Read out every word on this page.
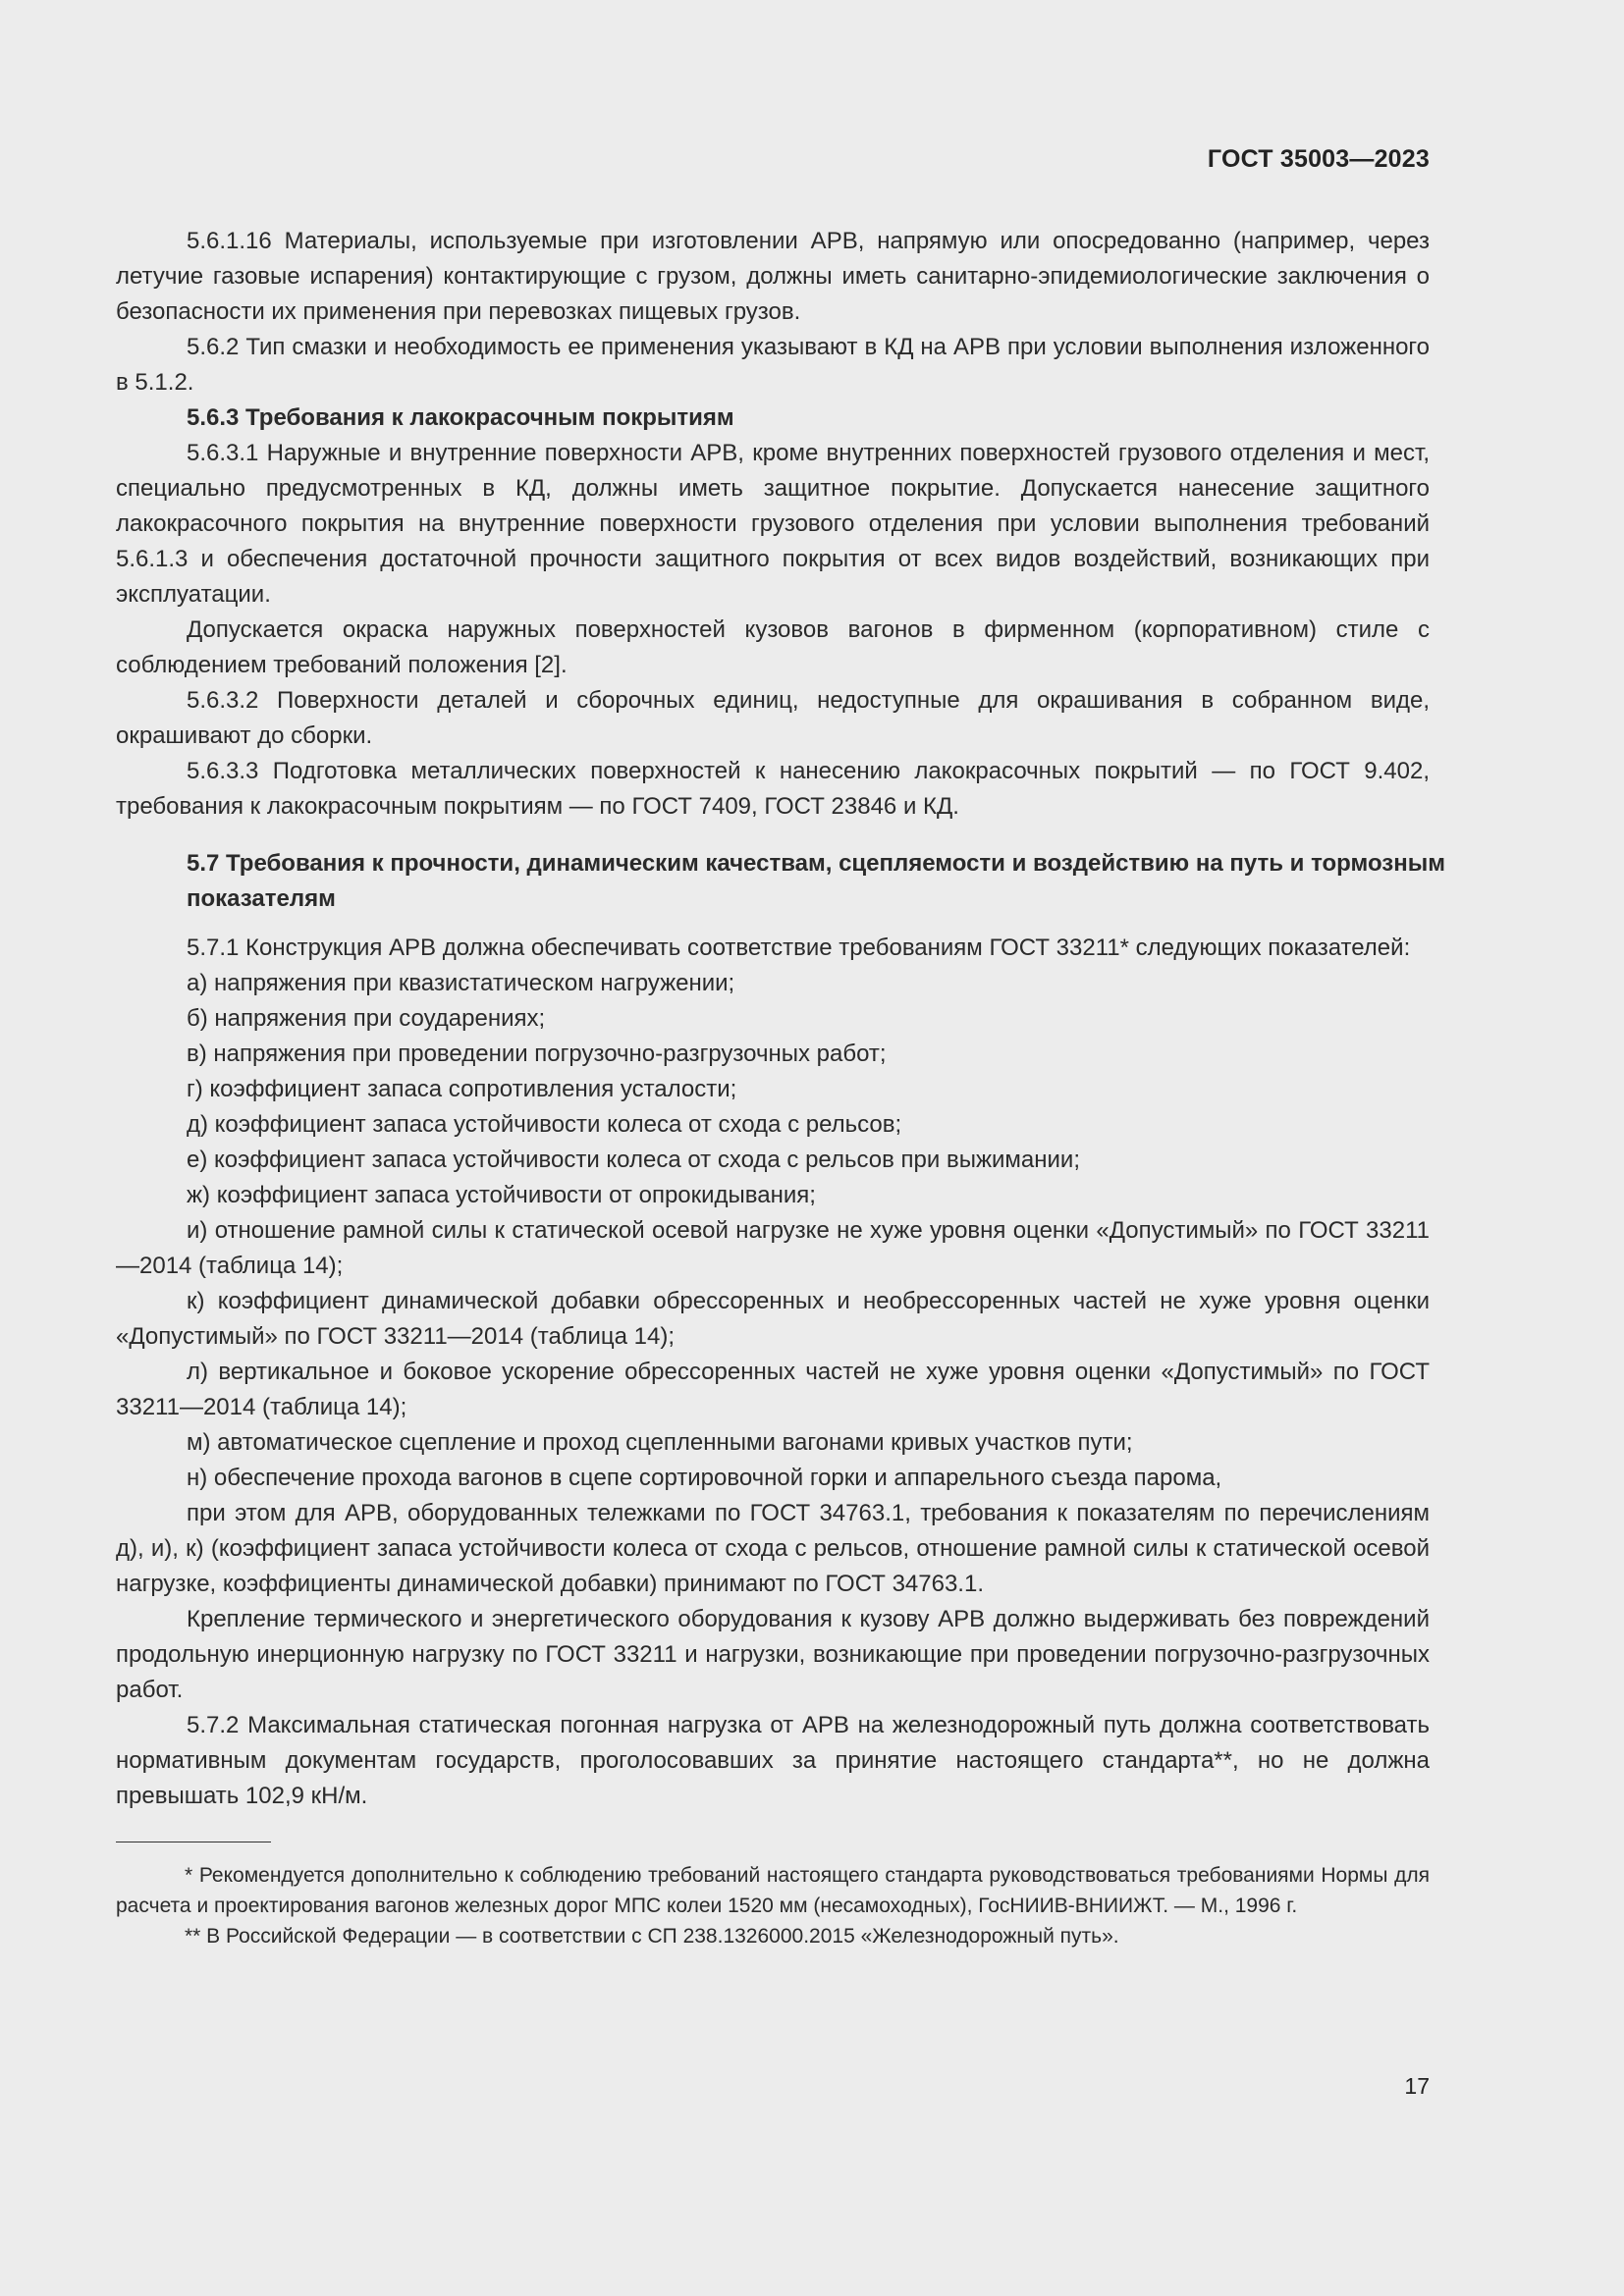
ГОСТ 35003—2023

5.6.1.16 Материалы, используемые при изготовлении АРВ, напрямую или опосредованно (например, через летучие газовые испарения) контактирующие с грузом, должны иметь санитарно-эпидемиологические заключения о безопасности их применения при перевозках пищевых грузов.

5.6.2 Тип смазки и необходимость ее применения указывают в КД на АРВ при условии выполнения изложенного в 5.1.2.

5.6.3 Требования к лакокрасочным покрытиям

5.6.3.1 Наружные и внутренние поверхности АРВ, кроме внутренних поверхностей грузового отделения и мест, специально предусмотренных в КД, должны иметь защитное покрытие. Допускается нанесение защитного лакокрасочного покрытия на внутренние поверхности грузового отделения при условии выполнения требований 5.6.1.3 и обеспечения достаточной прочности защитного покрытия от всех видов воздействий, возникающих при эксплуатации.

Допускается окраска наружных поверхностей кузовов вагонов в фирменном (корпоративном) стиле с соблюдением требований положения [2].

5.6.3.2 Поверхности деталей и сборочных единиц, недоступные для окрашивания в собранном виде, окрашивают до сборки.

5.6.3.3 Подготовка металлических поверхностей к нанесению лакокрасочных покрытий — по ГОСТ 9.402, требования к лакокрасочным покрытиям — по ГОСТ 7409, ГОСТ 23846 и КД.

5.7 Требования к прочности, динамическим качествам, сцепляемости и воздействию на путь и тормозным показателям

5.7.1 Конструкция АРВ должна обеспечивать соответствие требованиям ГОСТ 33211* следующих показателей:

а) напряжения при квазистатическом нагружении;

б) напряжения при соударениях;

в) напряжения при проведении погрузочно-разгрузочных работ;

г) коэффициент запаса сопротивления усталости;

д) коэффициент запаса устойчивости колеса от схода с рельсов;

е) коэффициент запаса устойчивости колеса от схода с рельсов при выжимании;

ж) коэффициент запаса устойчивости от опрокидывания;

и) отношение рамной силы к статической осевой нагрузке не хуже уровня оценки «Допустимый» по ГОСТ 33211—2014 (таблица 14);

к) коэффициент динамической добавки обрессоренных и необрессоренных частей не хуже уровня оценки «Допустимый» по ГОСТ 33211—2014 (таблица 14);

л) вертикальное и боковое ускорение обрессоренных частей не хуже уровня оценки «Допустимый» по ГОСТ 33211—2014 (таблица 14);

м) автоматическое сцепление и проход сцепленными вагонами кривых участков пути;

н) обеспечение прохода вагонов в сцепе сортировочной горки и аппарельного съезда парома,

при этом для АРВ, оборудованных тележками по ГОСТ 34763.1, требования к показателям по перечислениям д), и), к) (коэффициент запаса устойчивости колеса от схода с рельсов, отношение рамной силы к статической осевой нагрузке, коэффициенты динамической добавки) принимают по ГОСТ 34763.1.

Крепление термического и энергетического оборудования к кузову АРВ должно выдерживать без повреждений продольную инерционную нагрузку по ГОСТ 33211 и нагрузки, возникающие при проведении погрузочно-разгрузочных работ.

5.7.2 Максимальная статическая погонная нагрузка от АРВ на железнодорожный путь должна соответствовать нормативным документам государств, проголосовавших за принятие настоящего стандарта**, но не должна превышать 102,9 кН/м.

* Рекомендуется дополнительно к соблюдению требований настоящего стандарта руководствоваться требованиями Нормы для расчета и проектирования вагонов железных дорог МПС колеи 1520 мм (несамоходных), ГосНИИВ-ВНИИЖТ. — М., 1996 г.

** В Российской Федерации — в соответствии с СП 238.1326000.2015 «Железнодорожный путь».

17
